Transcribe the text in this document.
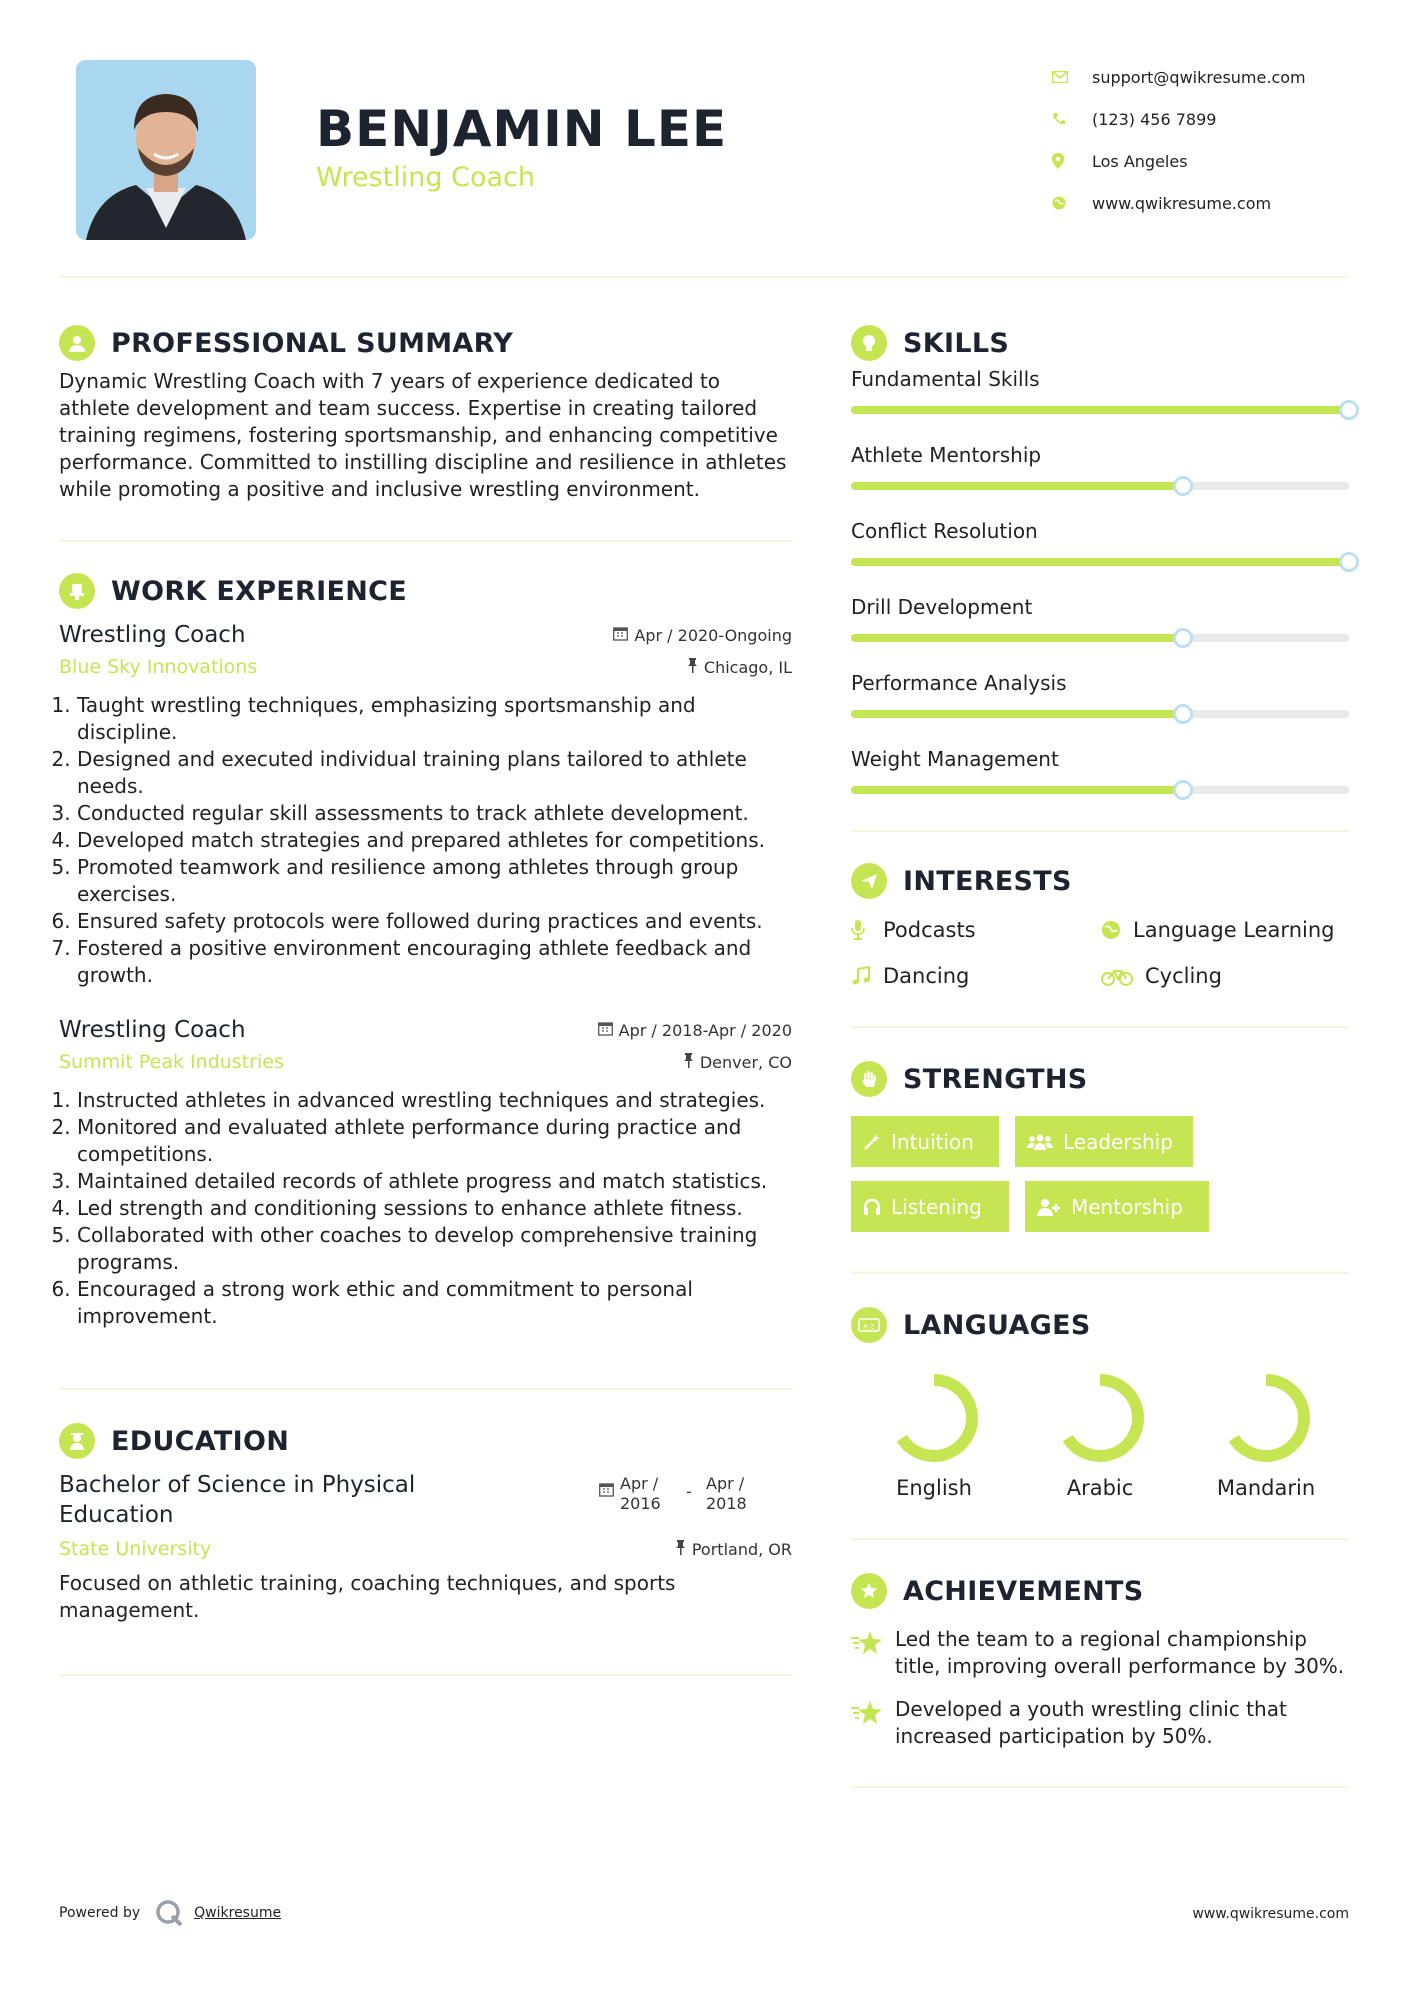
BENJAMIN LEE
Wrestling Coach
support@qwikresume.com
(123) 456 7899
Los Angeles
www.qwikresume.com
PROFESSIONAL SUMMARY

Dynamic Wrestling Coach with 7 years of experience dedicated to athlete development and team success. Expertise in creating tailored training regimens, fostering sportsmanship, and enhancing competitive performance. Committed to instilling discipline and resilience in athletes while promoting a positive and inclusive wrestling environment.

WORK EXPERIENCE
Wrestling Coach	Apr / 2020-Ongoing
Blue Sky Innovations	Chicago, IL
1. Taught wrestling techniques, emphasizing sportsmanship and discipline.
2. Designed and executed individual training plans tailored to athlete needs.
3. Conducted regular skill assessments to track athlete development.
4. Developed match strategies and prepared athletes for competitions.
5. Promoted teamwork and resilience among athletes through group exercises.
6. Ensured safety protocols were followed during practices and events.
7. Fostered a positive environment encouraging athlete feedback and growth.
Wrestling Coach	Apr / 2018-Apr / 2020
Summit Peak Industries	Denver, CO
1. Instructed athletes in advanced wrestling techniques and strategies.
2. Monitored and evaluated athlete performance during practice and competitions.
3. Maintained detailed records of athlete progress and match statistics.
4. Led strength and conditioning sessions to enhance athlete fitness.
5. Collaborated with other coaches to develop comprehensive training programs.
6. Encouraged a strong work ethic and commitment to personal improvement.
EDUCATION
Bachelor of Science in Physical Education
Apr / 2016
- Apr / 2018
State University	Portland, OR

Focused on athletic training, coaching techniques, and sports management.

SKILLS
Fundamental Skills
Athlete Mentorship
Conflict Resolution
Drill Development
Performance Analysis
Weight Management
INTERESTS
Podcasts	Language Learning
Dancing	Cycling
STRENGTHS
Intuition	Leadership
Listening	Mentorship
A文 LANGUAGES
English	Arabic	Mandarin
ACHIEVEMENTS
Led the team to a regional championship title, improving overall performance by 30%.
Developed a youth wrestling clinic that increased participation by 50%.
Powered by	Qwikresume	www.qwikresume.com
